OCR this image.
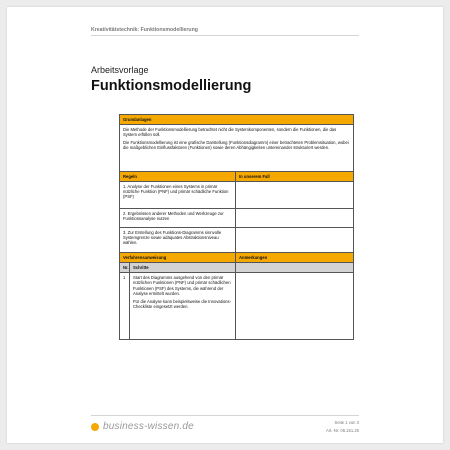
Kreativitätstechnik: Funktionsmodellierung
Arbeitsvorlage
Funktionsmodellierung
Grundanlagen		

Die Methode der Funktionsmodellierung betrachtet nicht die Systemkomponenten, sondern die Funktionen, die das System erfüllen soll.
Die Funktionsmodellierung ist eine grafische Darstellung (Funktionsdiagramm) einer betrachteten Problemsituation, wobei die maßgeblichen Einflussfaktoren (Funktionen) sowie deren Abhängigkeiten untereinander strukturiert werden.		

Regeln		In unserem Fall
1. Analyse der Funktionen eines Systems in primär nützliche Funktion (PNF) und primär schädliche Funktion (PSF)		
2. Ergebnissen anderer Methoden und Werkzeuge zur Funktionsanalyse nutzen		
3. Zur Erstellung des Funktions-Diagramms sinnvolle Systemgrenze sowie adäquates Abstraktionsniveau wählen.		
Verfahrensanweisung		Anmerkungen
Nr.	Schritte	
1	Start des Diagramms ausgehend von den primär nützlichen Funktionen (PNF) und primär schädlichen Funktionen (PSF) des Systems, die während der Analyse ermittelt wurden.
Für die Analyse kann beispielsweise die Innovations-Checkliste eingesetzt werden.	

business-wissen.de	Seite 1 von 3
Art.-Nr. 06.151.25
